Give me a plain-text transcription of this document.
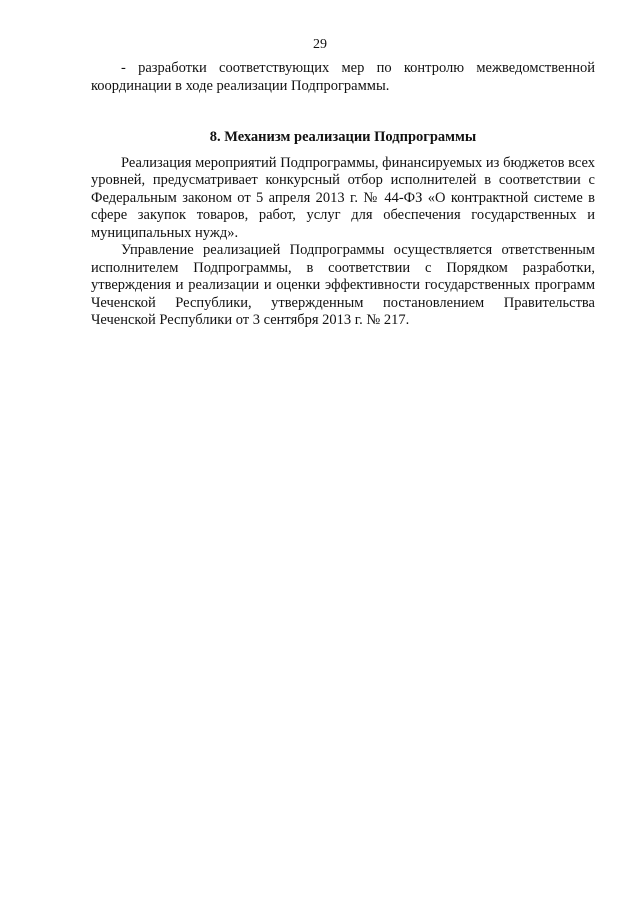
29

- разработки соответствующих мер по контролю межведомственной координации в ходе реализации Подпрограммы.

8. Механизм реализации Подпрограммы

Реализация мероприятий Подпрограммы, финансируемых из бюджетов всех уровней, предусматривает конкурсный отбор исполнителей в соответствии с Федеральным законом от 5 апреля 2013 г. № 44-ФЗ «О контрактной системе в сфере закупок товаров, работ, услуг для обеспечения государственных и муниципальных нужд».

Управление реализацией Подпрограммы осуществляется ответственным исполнителем Подпрограммы, в соответствии с Порядком разработки, утверждения и реализации и оценки эффективности государственных программ Чеченской Республики, утвержденным постановлением Правительства Чеченской Республики от 3 сентября 2013 г. № 217.
